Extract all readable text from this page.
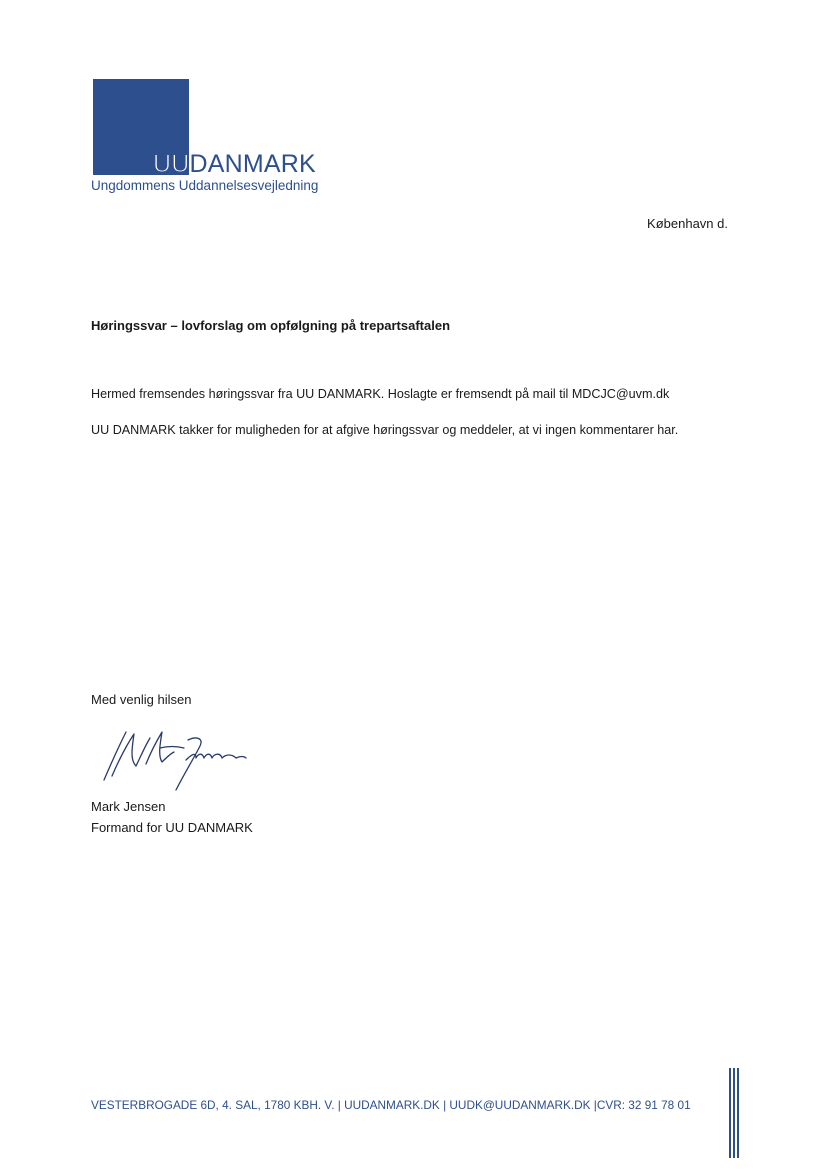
UUDANMARK
Ungdommens Uddannelsesvejledning
København d.
Høringssvar – lovforslag om opfølgning på trepartsaftalen
Hermed fremsendes høringssvar fra UU DANMARK. Hoslagte er fremsendt på mail til MDCJC@uvm.dk
UU DANMARK takker for muligheden for at afgive høringssvar og meddeler, at vi ingen kommentarer har.
Med venlig hilsen
Mark Jensen
Formand for UU DANMARK
VESTERBROGADE 6D, 4. SAL, 1780 KBH. V. | UUDANMARK.DK | UUDK@UUDANMARK.DK |CVR: 32 91 78 01
